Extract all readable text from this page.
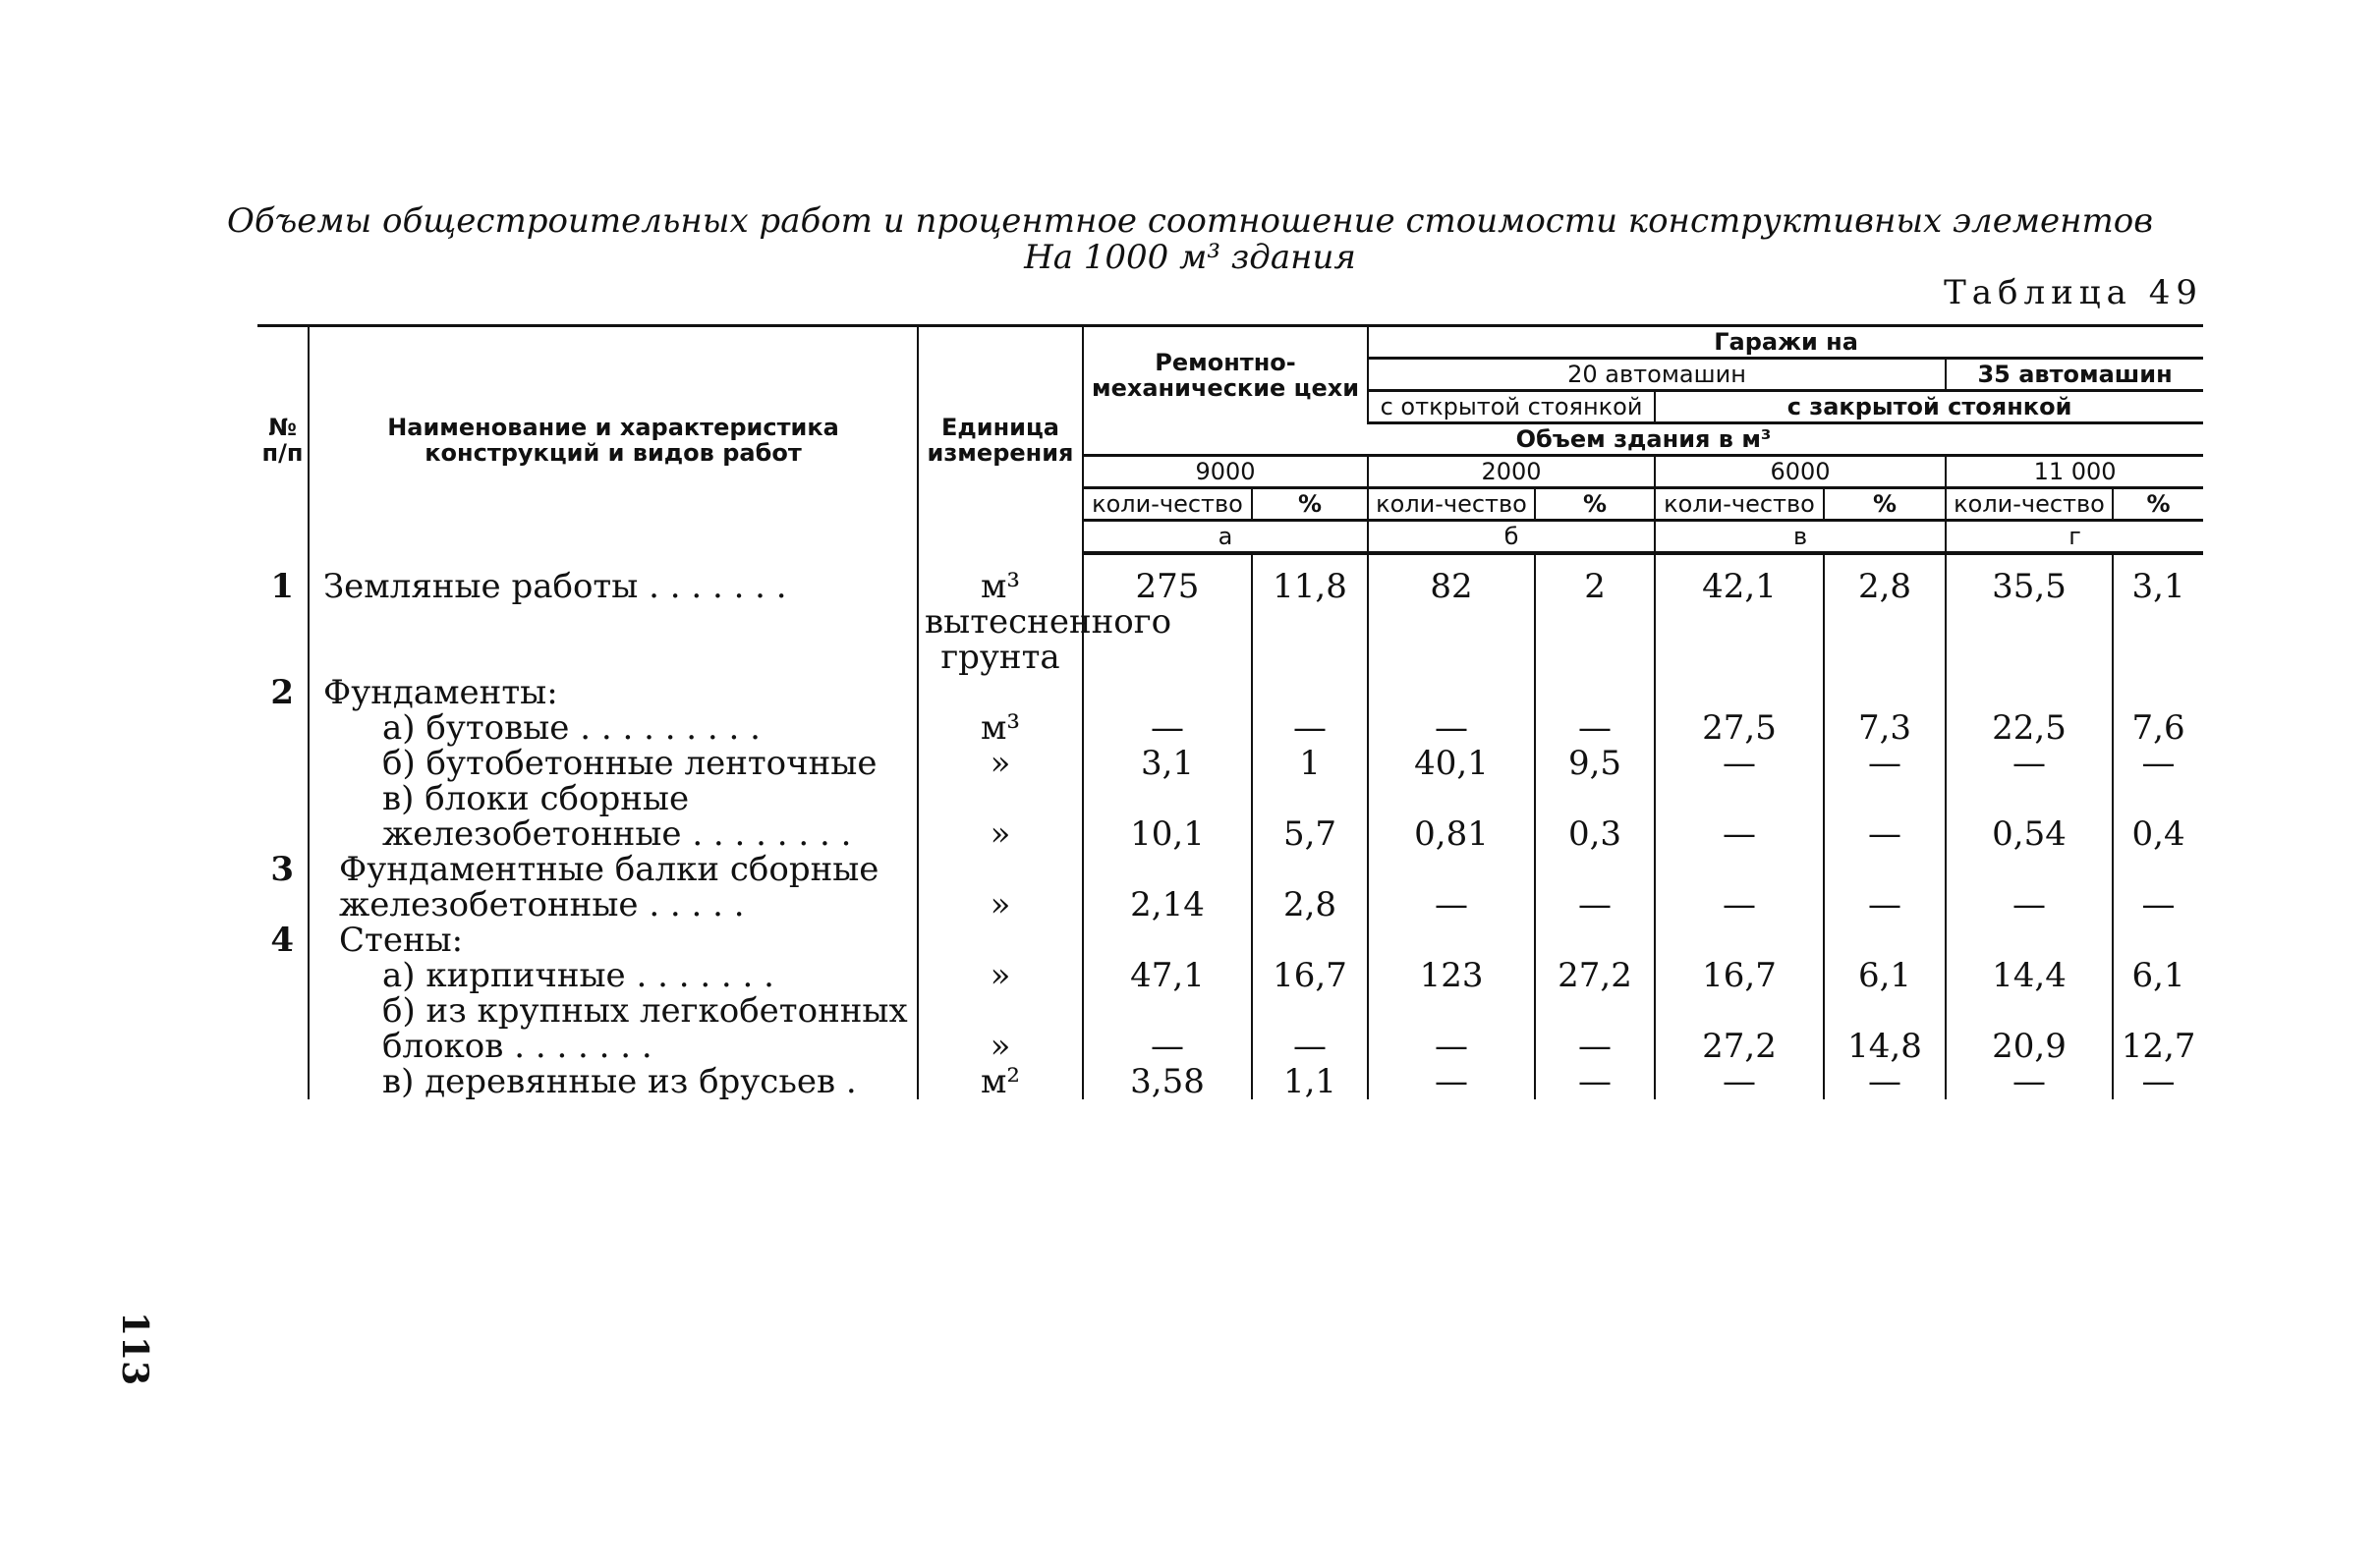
Объемы общестроительных работ и процентное соотношение стоимости конструктивных элементов
На 1000 м³ здания
Таблица 49
113
№ п/п	Наименование и характеристика конструкций и видов работ	Единица измерения	Ремонтно-механические цехи		Гаражи на					
					20 автомашин				35 автомашин	
					с открытой стоянкой		с закрытой стоянкой			
			Объем здания в м³							
			9000		2000		6000		11 000	
			коли-чество	%	коли-чество	%	коли-чество	%	коли-чество	%
			а		б		в		г	

1	Земляные работы . . . . . . .	м³ вытесненного грунта	275	11,8	82	2	42,1	2,8	35,5	3,1
2	Фундаменты:									

	а) бутовые . . . . . . . . .	м³	—	—	—	—	27,5	7,3	22,5	7,6

	б) бутобетонные ленточные	»	3,1	1	40,1	9,5	—	—	—	—

	в) блоки сборные железобетонные . . . . . . . .	»	10,1	5,7	0,81	0,3	—	—	0,54	0,4
3	Фундаментные балки сборные железобетонные . . . . .	»	2,14	2,8	—	—	—	—	—	—
4	Стены:									

	а) кирпичные . . . . . . .	»	47,1	16,7	123	27,2	16,7	6,1	14,4	6,1

	б) из крупных легкобетонных блоков . . . . . . .	»	—	—	—	—	27,2	14,8	20,9	12,7

	в) деревянные из брусьев .	м²	3,58	1,1	—	—	—	—	—	—
